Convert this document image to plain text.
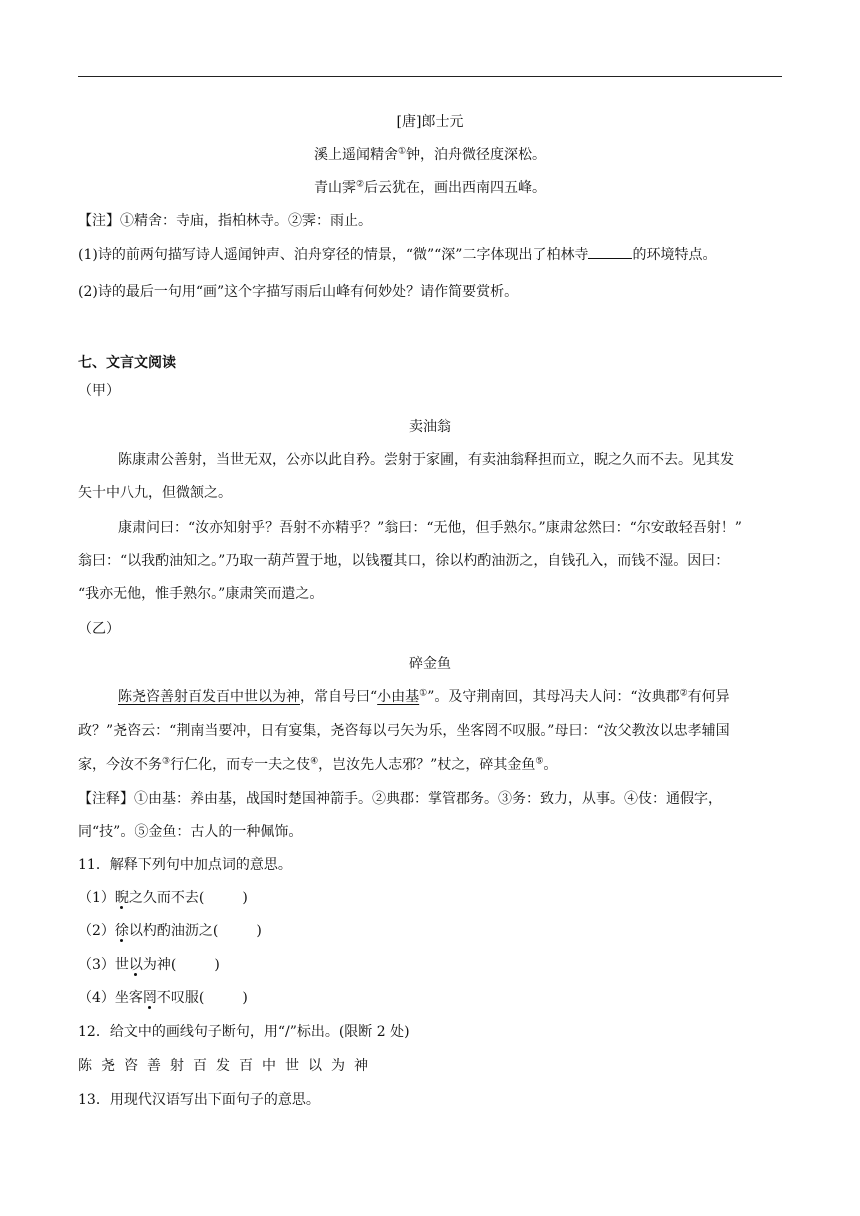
[唐]郎士元
溪上遥闻精舍①钟，泊舟微径度深松。
青山霁②后云犹在，画出西南四五峰。
【注】①精舍：寺庙，指柏林寺。②霁：雨止。
(1)诗的前两句描写诗人遥闻钟声、泊舟穿径的情景，“微”“深”二字体现出了柏林寺	的环境特点。
(2)诗的最后一句用“画”这个字描写雨后山峰有何妙处？请作简要赏析。
七、文言文阅读
（甲）
卖油翁
陈康肃公善射，当世无双，公亦以此自矜。尝射于家圃，有卖油翁释担而立，睨之久而不去。见其发
矢十中八九，但微颔之。
康肃问曰：“汝亦知射乎？吾射不亦精乎？”翁曰：“无他，但手熟尔。”康肃忿然曰：“尔安敢轻吾射！”
翁曰：“以我酌油知之。”乃取一葫芦置于地，以钱覆其口，徐以杓酌油沥之，自钱孔入，而钱不湿。因曰：
“我亦无他，惟手熟尔。”康肃笑而遣之。
（乙）
碎金鱼
陈尧咨善射百发百中世以为神，常自号曰“小由基①”。及守荆南回，其母冯夫人问：“汝典郡②有何异
政？”尧咨云：“荆南当要冲，日有宴集，尧咨每以弓矢为乐，坐客罔不叹服。”母曰：“汝父教汝以忠孝辅国
家，今汝不务③行仁化，而专一夫之伎④，岂汝先人志邪？”杖之，碎其金鱼⑤。
【注释】①由基：养由基，战国时楚国神箭手。②典郡：掌管郡务。③务：致力，从事。④伎：通假字，
同“技”。⑤金鱼：古人的一种佩饰。
11．解释下列句中加点词的意思。
（1）睨之久而不去(	)
（2）徐以杓酌油沥之(	)
（3）世以为神(	)
（4）坐客罔不叹服(	)
12．给文中的画线句子断句，用“/”标出。(限断 2 处)
陈尧咨善射百发百中世以为神
13．用现代汉语写出下面句子的意思。
